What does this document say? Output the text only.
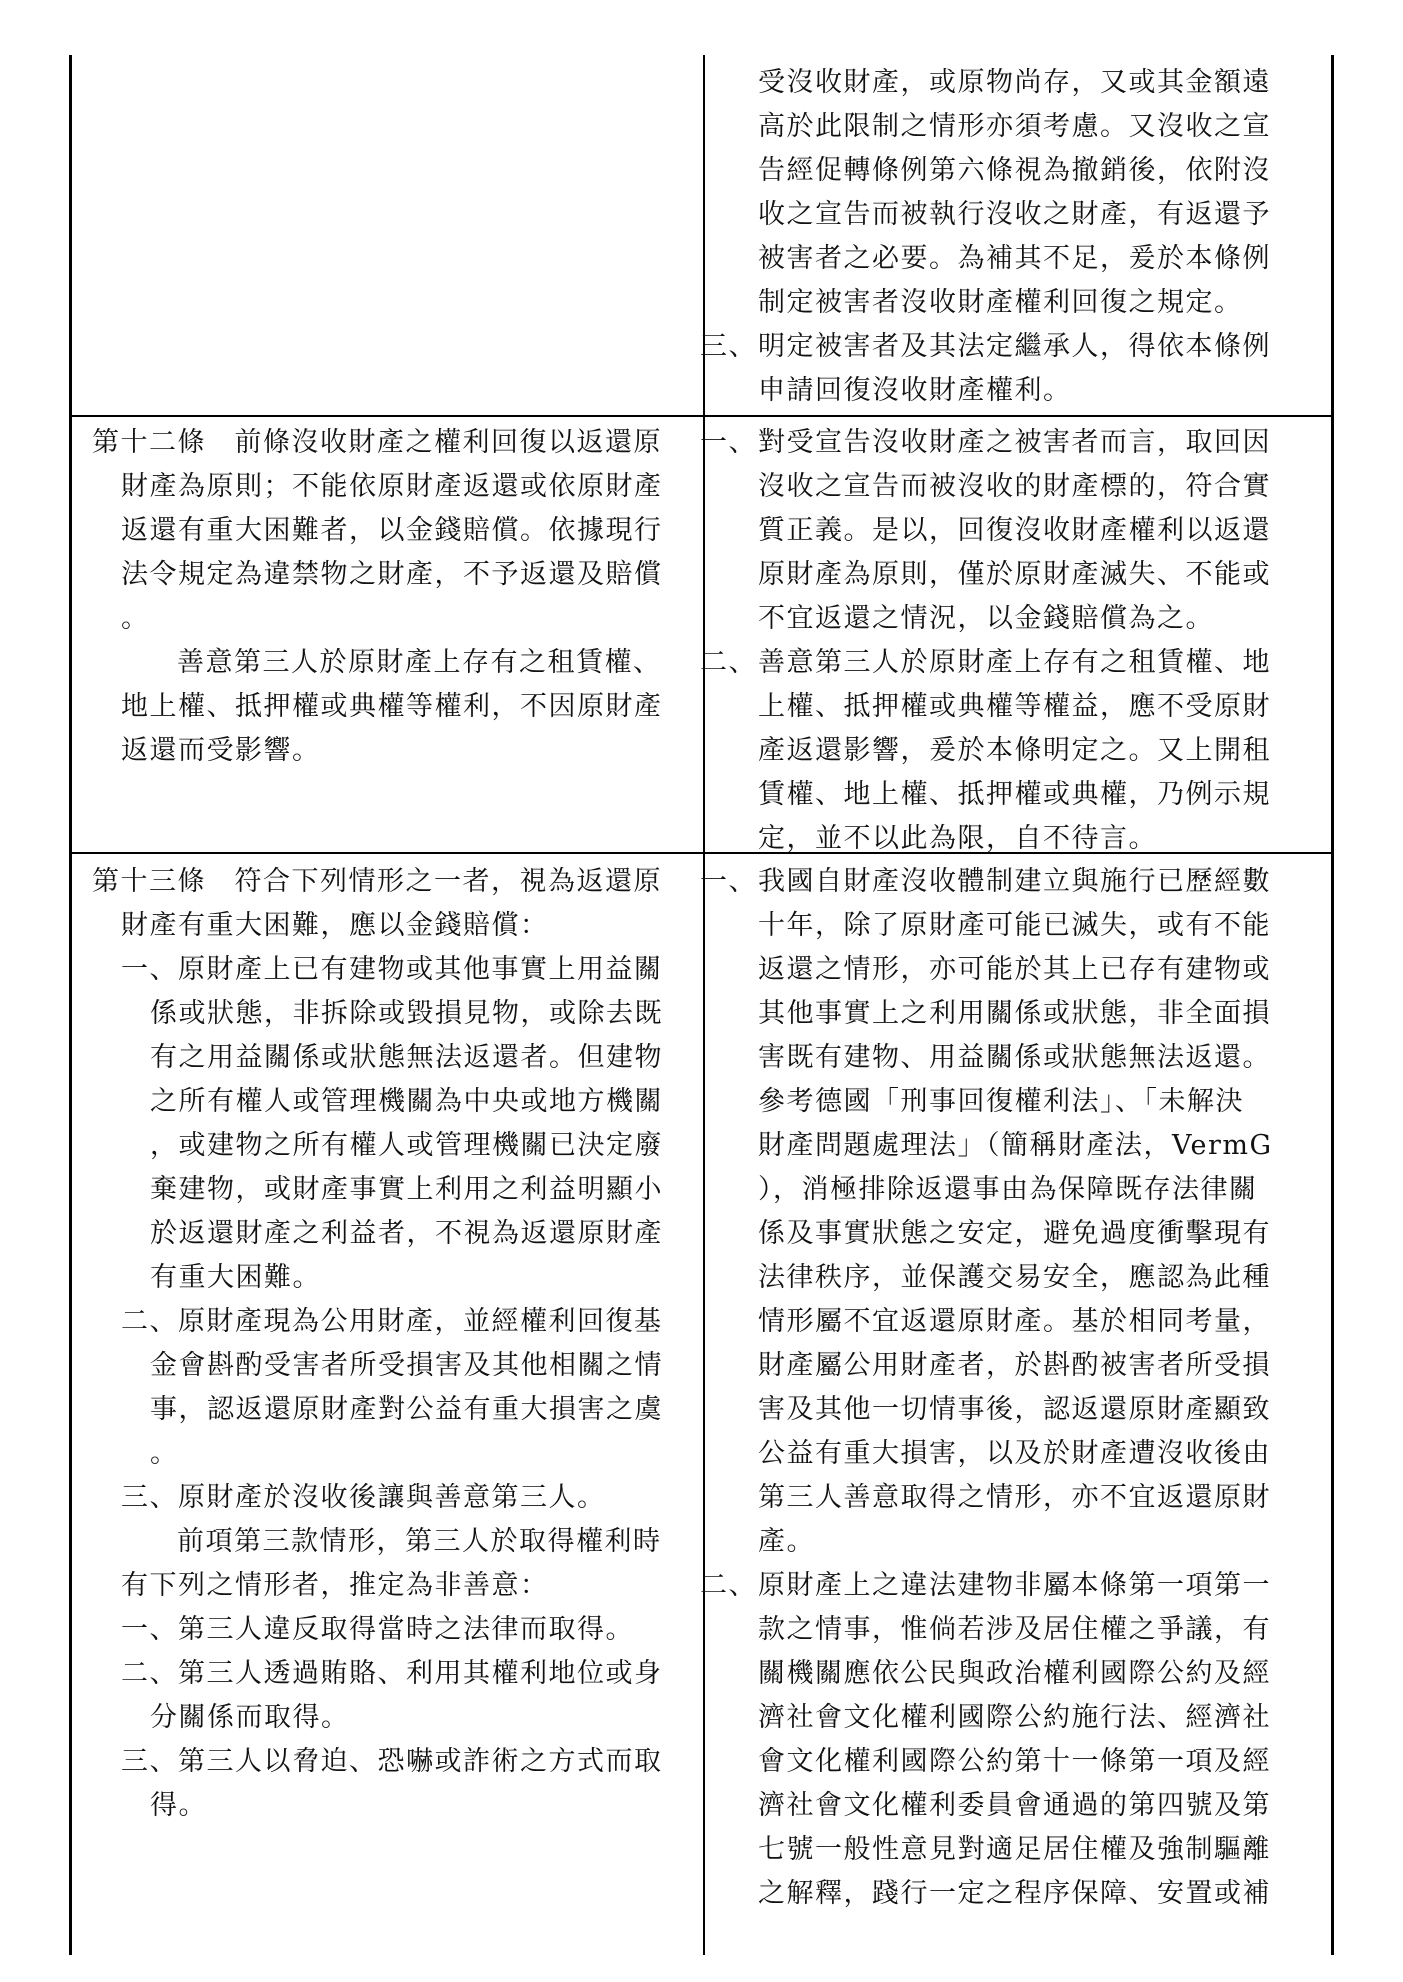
受沒收財產，或原物尚存，又或其金額遠
高於此限制之情形亦須考慮。又沒收之宣
告經促轉條例第六條視為撤銷後，依附沒
收之宣告而被執行沒收之財產，有返還予
被害者之必要。為補其不足，爰於本條例
制定被害者沒收財產權利回復之規定。
三、明定被害者及其法定繼承人，得依本條例
申請回復沒收財產權利。
第十二條　前條沒收財產之權利回復以返還原
財產為原則；不能依原財產返還或依原財產
返還有重大困難者，以金錢賠償。依據現行
法令規定為違禁物之財產，不予返還及賠償
。
善意第三人於原財產上存有之租賃權、
地上權、抵押權或典權等權利，不因原財產
返還而受影響。
一、對受宣告沒收財產之被害者而言，取回因
沒收之宣告而被沒收的財產標的，符合實
質正義。是以，回復沒收財產權利以返還
原財產為原則，僅於原財產滅失、不能或
不宜返還之情況，以金錢賠償為之。
二、善意第三人於原財產上存有之租賃權、地
上權、抵押權或典權等權益，應不受原財
產返還影響，爰於本條明定之。又上開租
賃權、地上權、抵押權或典權，乃例示規
定，並不以此為限，自不待言。
第十三條　符合下列情形之一者，視為返還原
財產有重大困難，應以金錢賠償：
一、原財產上已有建物或其他事實上用益關
係或狀態，非拆除或毀損見物，或除去既
有之用益關係或狀態無法返還者。但建物
之所有權人或管理機關為中央或地方機關
，或建物之所有權人或管理機關已決定廢
棄建物，或財產事實上利用之利益明顯小
於返還財產之利益者，不視為返還原財產
有重大困難。
二、原財產現為公用財產，並經權利回復基
金會斟酌受害者所受損害及其他相關之情
事，認返還原財產對公益有重大損害之虞
。
三、原財產於沒收後讓與善意第三人。
前項第三款情形，第三人於取得權利時
有下列之情形者，推定為非善意：
一、第三人違反取得當時之法律而取得。
二、第三人透過賄賂、利用其權利地位或身
分關係而取得。
三、第三人以脅迫、恐嚇或詐術之方式而取
得。
一、我國自財產沒收體制建立與施行已歷經數
十年，除了原財產可能已滅失，或有不能
返還之情形，亦可能於其上已存有建物或
其他事實上之利用關係或狀態，非全面損
害既有建物、用益關係或狀態無法返還。
參考德國「刑事回復權利法」、「未解決
財產問題處理法」（簡稱財產法，VermG
），消極排除返還事由為保障既存法律關
係及事實狀態之安定，避免過度衝擊現有
法律秩序，並保護交易安全，應認為此種
情形屬不宜返還原財產。基於相同考量，
財產屬公用財產者，於斟酌被害者所受損
害及其他一切情事後，認返還原財產顯致
公益有重大損害，以及於財產遭沒收後由
第三人善意取得之情形，亦不宜返還原財
產。
二、原財產上之違法建物非屬本條第一項第一
款之情事，惟倘若涉及居住權之爭議，有
關機關應依公民與政治權利國際公約及經
濟社會文化權利國際公約施行法、經濟社
會文化權利國際公約第十一條第一項及經
濟社會文化權利委員會通過的第四號及第
七號一般性意見對適足居住權及強制驅離
之解釋，踐行一定之程序保障、安置或補
